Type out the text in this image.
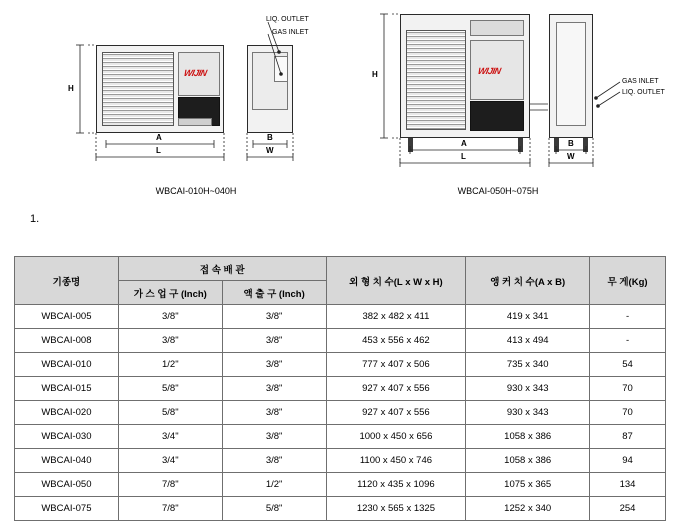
WIJIN	WIJIN
H
A
L
B
W
H
A
L
B
W
LIQ. OUTLET
GAS INLET
GAS INLET
LIQ. OUTLET
WBCAI-010H~040H	WBCAI-050H~075H
1.
기종명	접 속 배 관		외 형 치 수(L x W x H)	앵 커 치 수(A x B)	무 게(Kg)
	가 스 업 구 (Inch)	액 출 구 (Inch)			
WBCAI-005	3/8"	3/8"	382 x 482 x 411	419 x 341	-
WBCAI-008	3/8"	3/8"	453 x 556 x 462	413 x 494	-
WBCAI-010	1/2"	3/8"	777 x 407 x 506	735 x 340	54
WBCAI-015	5/8"	3/8"	927 x 407 x 556	930 x 343	70
WBCAI-020	5/8"	3/8"	927 x 407 x 556	930 x 343	70
WBCAI-030	3/4"	3/8"	1000 x 450 x 656	1058 x 386	87
WBCAI-040	3/4"	3/8"	1100 x 450 x 746	1058 x 386	94
WBCAI-050	7/8"	1/2"	1120 x 435 x 1096	1075 x 365	134
WBCAI-075	7/8"	5/8"	1230 x 565 x 1325	1252 x 340	254
